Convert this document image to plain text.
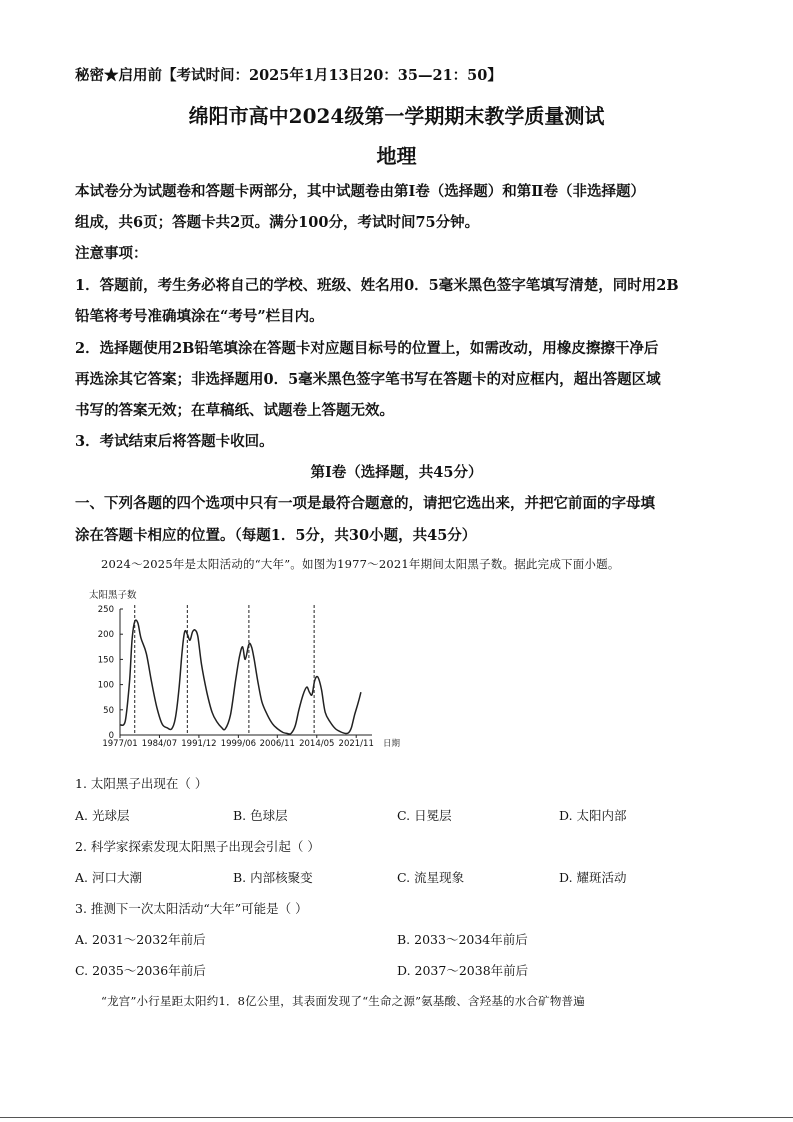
秘密★启用前【考试时间：2025年1月13日20：35—21：50】
绵阳市高中2024级第一学期期末教学质量测试
地理
本试卷分为试题卷和答题卡两部分，其中试题卷由第Ⅰ卷（选择题）和第Ⅱ卷（非选择题）
组成，共6页；答题卡共2页。满分100分，考试时间75分钟。
注意事项：
1．答题前，考生务必将自己的学校、班级、姓名用0．5毫米黑色签字笔填写清楚，同时用2B
铅笔将考号准确填涂在“考号”栏目内。
2．选择题使用2B铅笔填涂在答题卡对应题目标号的位置上，如需改动，用橡皮擦擦干净后
再选涂其它答案；非选择题用0．5毫米黑色签字笔书写在答题卡的对应框内，超出答题区域
书写的答案无效；在草稿纸、试题卷上答题无效。
3．考试结束后将答题卡收回。
第Ⅰ卷（选择题，共45分）
一、下列各题的四个选项中只有一项是最符合题意的，请把它选出来，并把它前面的字母填
涂在答题卡相应的位置。（每题1．5分，共30小题，共45分）
2024～2025年是太阳活动的“大年”。如图为1977～2021年期间太阳黑子数。据此完成下面小题。
太阳黑子数
250
200
150
100
50
0
1977/01 1984/07 1991/12 1999/06 2006/11 2014/05 2021/11 日期
1. 太阳黑子出现在（ ）
A. 光球层	B. 色球层	C. 日冕层	D. 太阳内部
2. 科学家探索发现太阳黑子出现会引起（ ）
A. 河口大潮	B. 内部核聚变	C. 流星现象	D. 耀斑活动
3. 推测下一次太阳活动“大年”可能是（ ）
A. 2031～2032年前后	B. 2033～2034年前后
C. 2035～2036年前后	D. 2037～2038年前后
“龙宫”小行星距太阳约1．8亿公里，其表面发现了“生命之源”氨基酸、含羟基的水合矿物普遍
